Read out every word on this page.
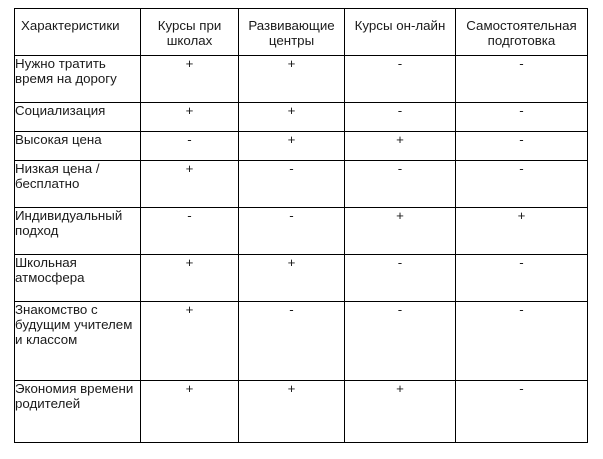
Характеристики	Курсы при школах	Развивающие центры	Курсы он-лайн	Самостоятельная подготовка
Нужно тратить время на дорогу	+	+	-	-
Социализация	+	+	-	-
Высокая цена	-	+	+	-
Низкая цена / бесплатно	+	-	-	-
Индивидуальный подход	-	-	+	+
Школьная атмосфера	+	+	-	-
Знакомство с будущим учителем и классом	+	-	-	-
Экономия времени родителей	+	+	+	-
